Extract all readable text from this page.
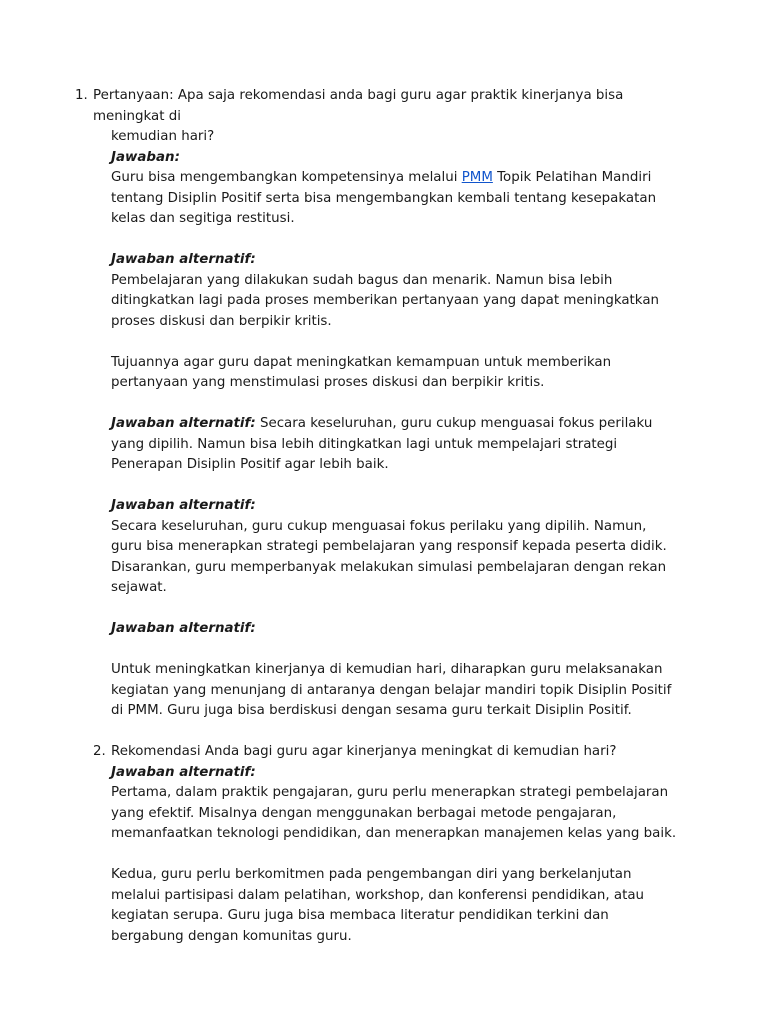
1. Pertanyaan: Apa saja rekomendasi anda bagi guru agar praktik kinerjanya bisa meningkat di

kemudian hari?

Jawaban:

Guru bisa mengembangkan kompetensinya melalui PMM Topik Pelatihan Mandiri tentang Disiplin Positif serta bisa mengembangkan kembali tentang kesepakatan kelas dan segitiga restitusi.

Jawaban alternatif:

Pembelajaran yang dilakukan sudah bagus dan menarik. Namun bisa lebih ditingkatkan lagi pada proses memberikan pertanyaan yang dapat meningkatkan proses diskusi dan berpikir kritis.

Tujuannya agar guru dapat meningkatkan kemampuan untuk memberikan pertanyaan yang menstimulasi proses diskusi dan berpikir kritis.

Jawaban alternatif: Secara keseluruhan, guru cukup menguasai fokus perilaku yang dipilih. Namun bisa lebih ditingkatkan lagi untuk mempelajari strategi Penerapan Disiplin Positif agar lebih baik.

Jawaban alternatif:

Secara keseluruhan, guru cukup menguasai fokus perilaku yang dipilih. Namun, guru bisa menerapkan strategi pembelajaran yang responsif kepada peserta didik. Disarankan, guru memperbanyak melakukan simulasi pembelajaran dengan rekan sejawat.

Jawaban alternatif:

Untuk meningkatkan kinerjanya di kemudian hari, diharapkan guru melaksanakan kegiatan yang menunjang di antaranya dengan belajar mandiri topik Disiplin Positif di PMM. Guru juga bisa berdiskusi dengan sesama guru terkait Disiplin Positif.

2. Rekomendasi Anda bagi guru agar kinerjanya meningkat di kemudian hari?

Jawaban alternatif:

Pertama, dalam praktik pengajaran, guru perlu menerapkan strategi pembelajaran yang efektif. Misalnya dengan menggunakan berbagai metode pengajaran, memanfaatkan teknologi pendidikan, dan menerapkan manajemen kelas yang baik.

Kedua, guru perlu berkomitmen pada pengembangan diri yang berkelanjutan melalui partisipasi dalam pelatihan, workshop, dan konferensi pendidikan, atau kegiatan serupa. Guru juga bisa membaca literatur pendidikan terkini dan bergabung dengan komunitas guru.
